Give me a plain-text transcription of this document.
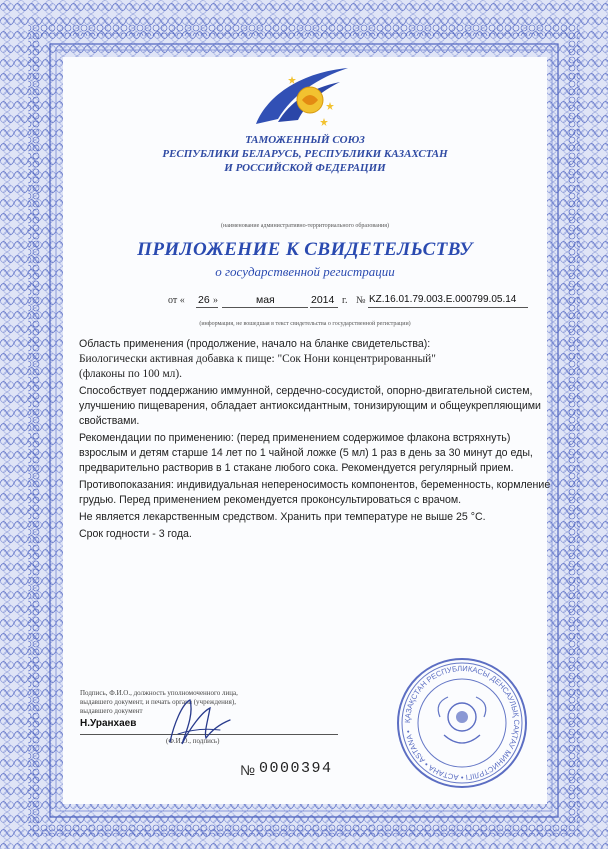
ТАМОЖЕННЫЙ СОЮЗ
РЕСПУБЛИКИ БЕЛАРУСЬ, РЕСПУБЛИКИ КАЗАХСТАН
И РОССИЙСКОЙ ФЕДЕРАЦИИ
(наименование административно-территориального образования)
ПРИЛОЖЕНИЕ К СВИДЕТЕЛЬСТВУ
о государственной регистрации
от « 26 »	мая	2014 г. № KZ.16.01.79.003.E.000799.05.14
(информация, не вошедшая в текст свидетельства о государственной регистрации)

Область применения (продолжение, начало на бланке свидетельства):

Биологически активная добавка к пище: "Сок Нони концентрированный"

(флаконы по 100 мл).

Способствует поддержанию иммунной, сердечно-сосудистой, опорно-двигательной систем, улучшению пищеварения, обладает антиоксидантным, тонизирующим и общеукрепляющими свойствами.

Рекомендации по применению: (перед применением содержимое флакона встряхнуть) взрослым и детям старше 14 лет по 1 чайной ложке (5 мл) 1 раз в день за 30 минут до еды, предварительно растворив в 1 стакане любого сока. Рекомендуется регулярный прием.

Противопоказания: индивидуальная непереносимость компонентов, беременность, кормление грудью. Перед применением рекомендуется проконсультироваться с врачом.

Не является лекарственным средством. Хранить при температуре не выше 25 °С.

Срок годности - 3 года.

Подпись, Ф.И.О., должность уполномоченного лица,
выдавшего документ, и печать органа (учреждения),
выдавшего документ
Н.Уранхаев
(Ф.И.О., подпись)
№ 0000394
ҚАЗАҚСТАН РЕСПУБЛИКАСЫ ДЕНСАУЛЫҚ САҚТАУ МИНИСТРЛІГІ • АСТАНА • ASTANA •
